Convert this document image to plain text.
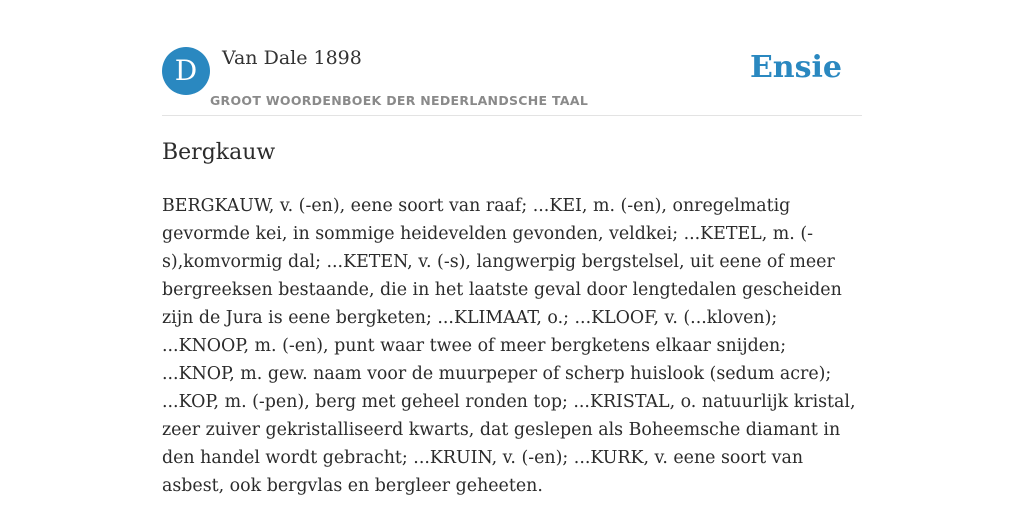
D	Van Dale 1898
GROOT WOORDENBOEK DER NEDERLANDSCHE TAAL
Ensie
Bergkauw

BERGKAUW, v. (-en), eene soort van raaf; ...KEI, m. (-en), onregelmatig gevormde kei, in sommige heidevelden gevonden, veldkei; ...KETEL, m. (-s),komvormig dal; ...KETEN, v. (-s), langwerpig bergstelsel, uit eene of meer bergreeksen bestaande, die in het laatste geval door lengtedalen gescheiden zijn de Jura is eene bergketen; ...KLIMAAT, o.; ...KLOOF, v. (...kloven); ...KNOOP, m. (-en), punt waar twee of meer bergketens elkaar snijden; ...KNOP, m. gew. naam voor de muurpeper of scherp huislook (sedum acre); ...KOP, m. (-pen), berg met geheel ronden top; ...KRISTAL, o. natuurlijk kristal, zeer zuiver gekristalliseerd kwarts, dat geslepen als Boheemsche diamant in den handel wordt gebracht; ...KRUIN, v. (-en); ...KURK, v. eene soort van asbest, ook bergvlas en bergleer geheeten.
